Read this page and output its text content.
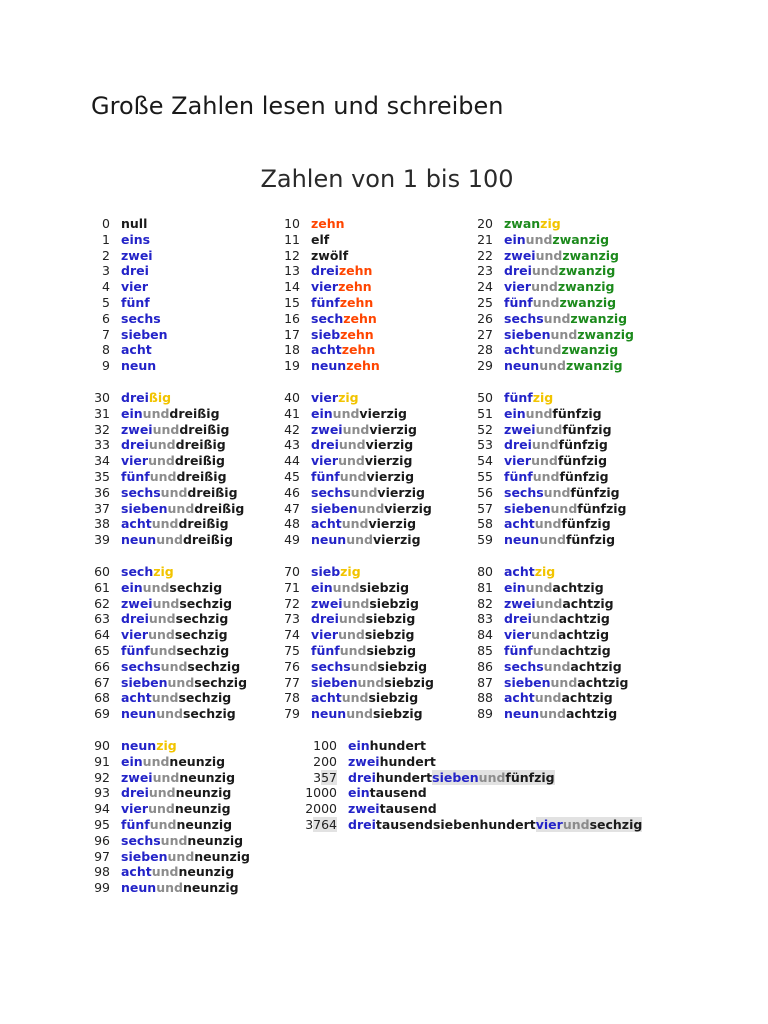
Große Zahlen lesen und schreiben
Zahlen von 1 bis 100
0 null
1 eins
2 zwei
3 drei
4 vier
5 fünf
6 sechs
7 sieben
8 acht
9 neun
10 zehn
11 elf
12 zwölf
13 dreizehn
14 vierzehn
15 fünfzehn
16 sechzehn
17 siebzehn
18 achtzehn
19 neunzehn
20 zwanzig
21 einundzwanzig
22 zweiundzwanzig
23 dreiundzwanzig
24 vierundzwanzig
25 fünfundzwanzig
26 sechsundzwanzig
27 siebenundzwanzig
28 achtundzwanzig
29 neunundzwanzig
30 dreißig
31 einunddreißig
32 zweiunddreißig
33 dreiunddreißig
34 vierunddreißig
35 fünfunddreißig
36 sechsunddreißig
37 siebenunddreißig
38 achtunddreißig
39 neununddreißig
40 vierzig
41 einundvierzig
42 zweiundvierzig
43 dreiundvierzig
44 vierundvierzig
45 fünfundvierzig
46 sechsundvierzig
47 siebenundvierzig
48 achtundvierzig
49 neunundvierzig
50 fünfzig
51 einundfünfzig
52 zweiundfünfzig
53 dreiundfünfzig
54 vierundfünfzig
55 fünfundfünfzig
56 sechsundfünfzig
57 siebenundfünfzig
58 achtundfünfzig
59 neunundfünfzig
60 sechzig
61 einundsechzig
62 zweiundsechzig
63 dreiundsechzig
64 vierundsechzig
65 fünfundsechzig
66 sechsundsechzig
67 siebenundsechzig
68 achtundsechzig
69 neunundsechzig
70 siebzig
71 einundsiebzig
72 zweiundsiebzig
73 dreiundsiebzig
74 vierundsiebzig
75 fünfundsiebzig
76 sechsundsiebzig
77 siebenundsiebzig
78 achtundsiebzig
79 neunundsiebzig
80 achtzig
81 einundachtzig
82 zweiundachtzig
83 dreiundachtzig
84 vierundachtzig
85 fünfundachtzig
86 sechsundachtzig
87 siebenundachtzig
88 achtundachtzig
89 neunundachtzig
90 neunzig
91 einundneunzig
92 zweiundneunzig
93 dreiundneunzig
94 vierundneunzig
95 fünfundneunzig
96 sechsundneunzig
97 siebenundneunzig
98 achtundneunzig
99 neunundneunzig
100 einhundert
200 zweihundert
357 dreihundertsiebenundfünfzig
1000 eintausend
2000 zweitausend
3764 dreitausendsiebenhundertvierundsechzig
